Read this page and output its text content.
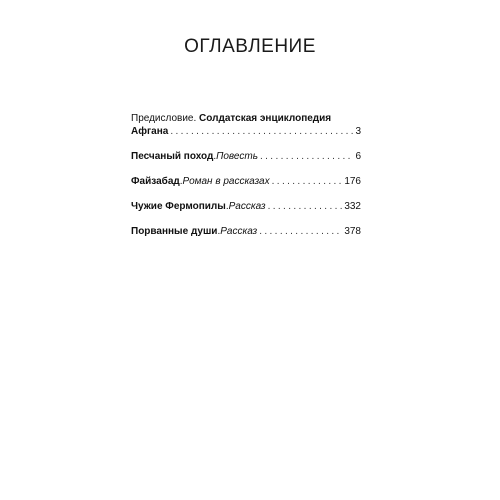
ОГЛАВЛЕНИЕ
Предисловие. Солдатская энциклопедия
Афгана . . .	3
Песчаный поход . Повесть . . .	6
Файзабад . Роман в рассказах . . .	176
Чужие Фермопилы . Рассказ . . .	332
Порванные души . Рассказ . . .	378
